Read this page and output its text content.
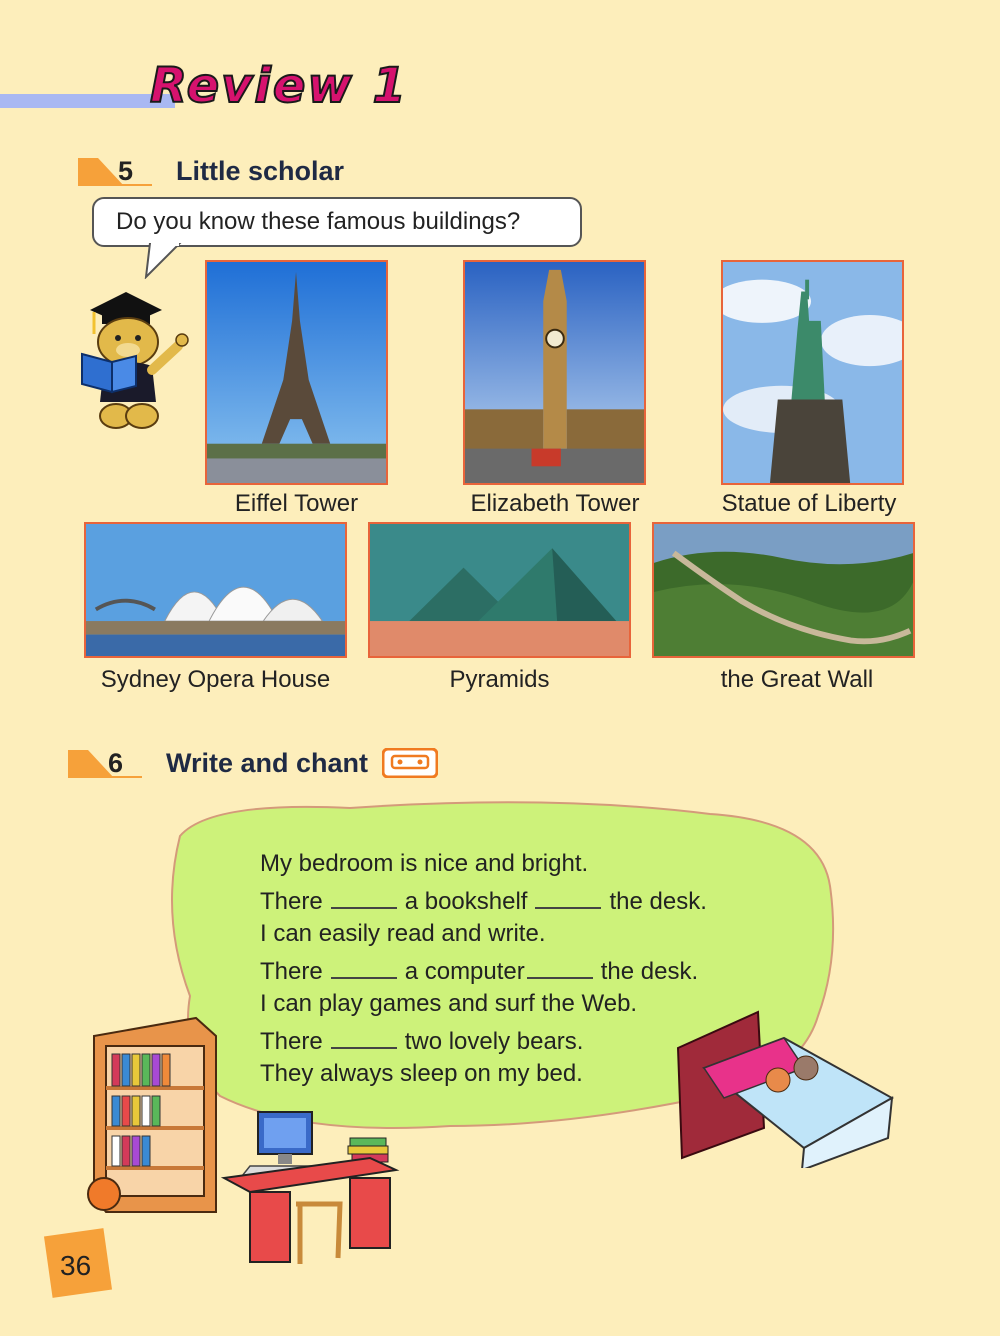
Review 1
5 Little scholar
Do you know these famous buildings?
Eiffel Tower	Elizabeth Tower	Statue of Liberty
Sydney Opera House	Pyramids	the Great Wall
6 Write and chant
My bedroom is nice and bright.
There	a bookshelf	the desk.
I can easily read and write.
There	a computer	the desk.
I can play games and surf the Web.
There	two lovely bears.
They always sleep on my bed.
36
